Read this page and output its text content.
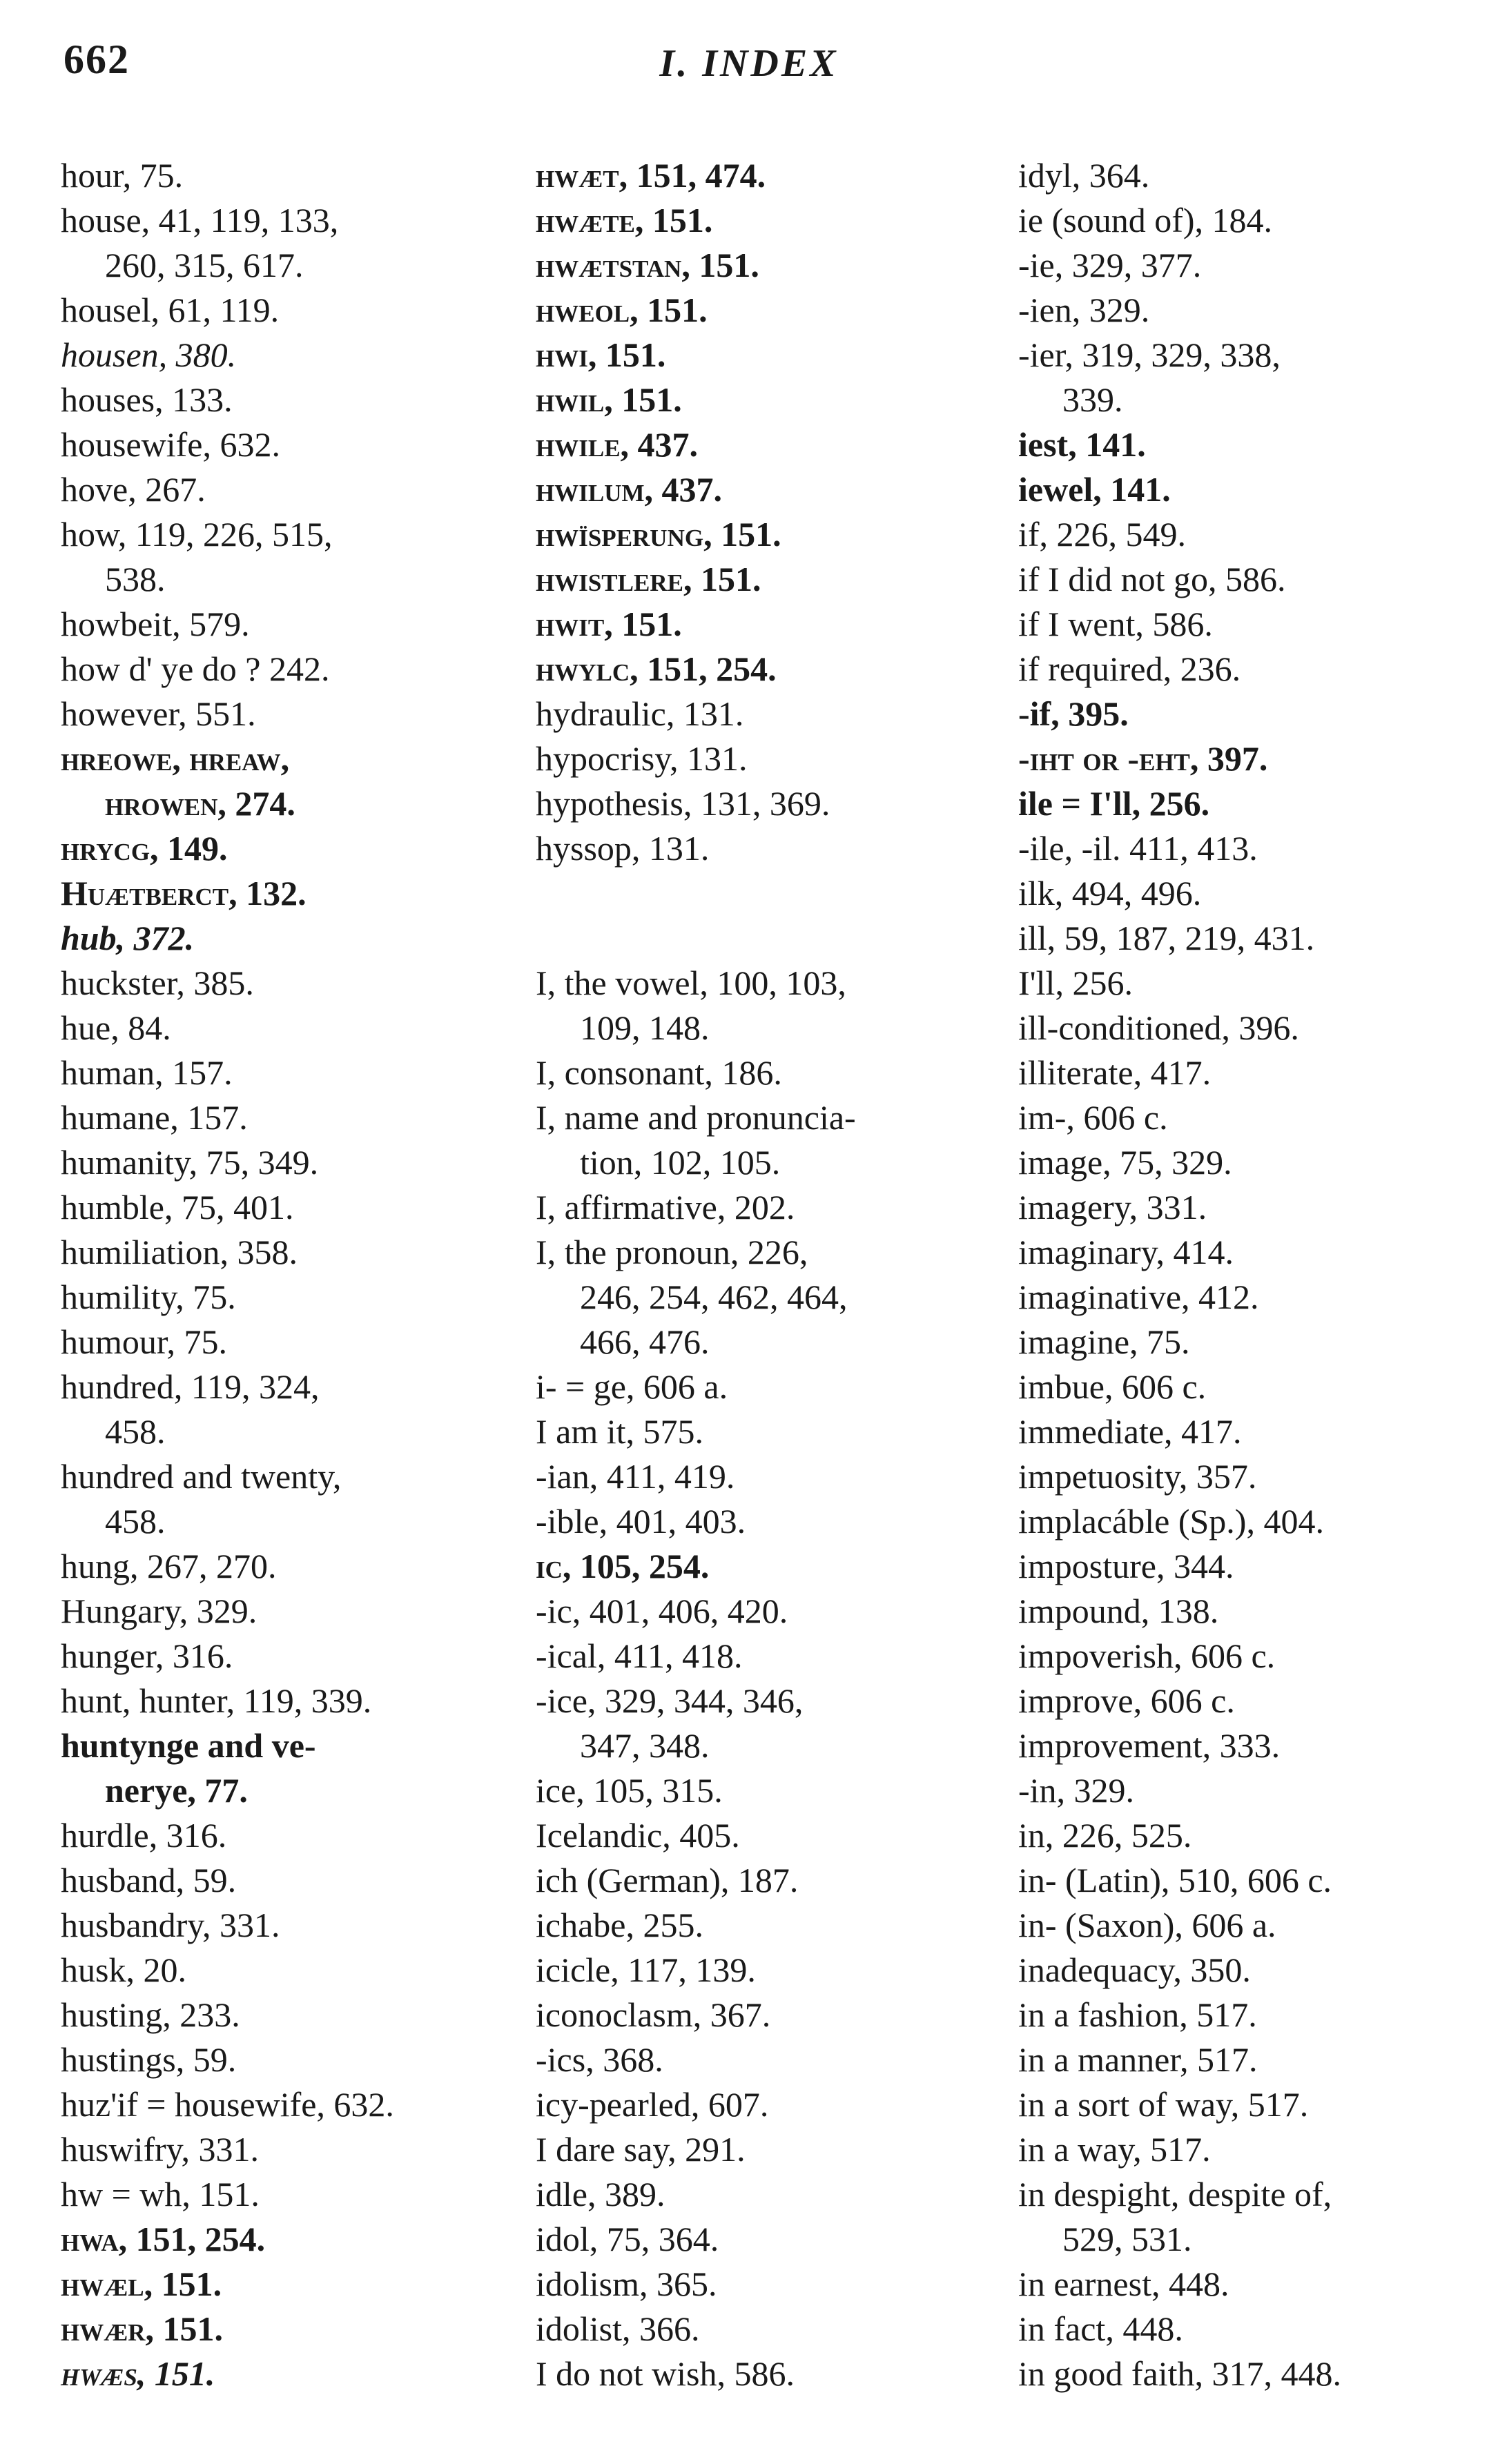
662	I. INDEX
hour, 75.
house, 41, 119, 133,
260, 315, 617.
housel, 61, 119.
housen, 380.
houses, 133.
housewife, 632.
hove, 267.
how, 119, 226, 515,
538.
howbeit, 579.
how d' ye do ? 242.
however, 551.
hreowe, hreaw,
hrowen, 274.
hrycg, 149.
Huætberct, 132.
hub, 372.
huckster, 385.
hue, 84.
human, 157.
humane, 157.
humanity, 75, 349.
humble, 75, 401.
humiliation, 358.
humility, 75.
humour, 75.
hundred, 119, 324,
458.
hundred and twenty,
458.
hung, 267, 270.
Hungary, 329.
hunger, 316.
hunt, hunter, 119, 339.
huntynge and ve-
nerye, 77.
hurdle, 316.
husband, 59.
husbandry, 331.
husk, 20.
husting, 233.
hustings, 59.
huz'if = housewife, 632.
huswifry, 331.
hw = wh, 151.
hwa, 151, 254.
hwæl, 151.
hwær, 151.
hwæs, 151.
hwæt, 151, 474.
hwæte, 151.
hwætstan, 151.
hweol, 151.
hwi, 151.
hwil, 151.
hwile, 437.
hwilum, 437.
hwïsperung, 151.
hwistlere, 151.
hwit, 151.
hwylc, 151, 254.
hydraulic, 131.
hypocrisy, 131.
hypothesis, 131, 369.
hyssop, 131.
I, the vowel, 100, 103,
109, 148.
I, consonant, 186.
I, name and pronuncia-
tion, 102, 105.
I, affirmative, 202.
I, the pronoun, 226,
246, 254, 462, 464,
466, 476.
i- = ge, 606 a.
I am it, 575.
-ian, 411, 419.
-ible, 401, 403.
ic, 105, 254.
-ic, 401, 406, 420.
-ical, 411, 418.
-ice, 329, 344, 346,
347, 348.
ice, 105, 315.
Icelandic, 405.
ich (German), 187.
ichabe, 255.
icicle, 117, 139.
iconoclasm, 367.
-ics, 368.
icy-pearled, 607.
I dare say, 291.
idle, 389.
idol, 75, 364.
idolism, 365.
idolist, 366.
I do not wish, 586.
idyl, 364.
ie (sound of), 184.
-ie, 329, 377.
-ien, 329.
-ier, 319, 329, 338,
339.
iest, 141.
iewel, 141.
if, 226, 549.
if I did not go, 586.
if I went, 586.
if required, 236.
-if, 395.
-iht or -eht, 397.
ile = I'll, 256.
-ile, -il. 411, 413.
ilk, 494, 496.
ill, 59, 187, 219, 431.
I'll, 256.
ill-conditioned, 396.
illiterate, 417.
im-, 606 c.
image, 75, 329.
imagery, 331.
imaginary, 414.
imaginative, 412.
imagine, 75.
imbue, 606 c.
immediate, 417.
impetuosity, 357.
implacáble (Sp.), 404.
imposture, 344.
impound, 138.
impoverish, 606 c.
improve, 606 c.
improvement, 333.
-in, 329.
in, 226, 525.
in- (Latin), 510, 606 c.
in- (Saxon), 606 a.
inadequacy, 350.
in a fashion, 517.
in a manner, 517.
in a sort of way, 517.
in a way, 517.
in despight, despite of,
529, 531.
in earnest, 448.
in fact, 448.
in good faith, 317, 448.
